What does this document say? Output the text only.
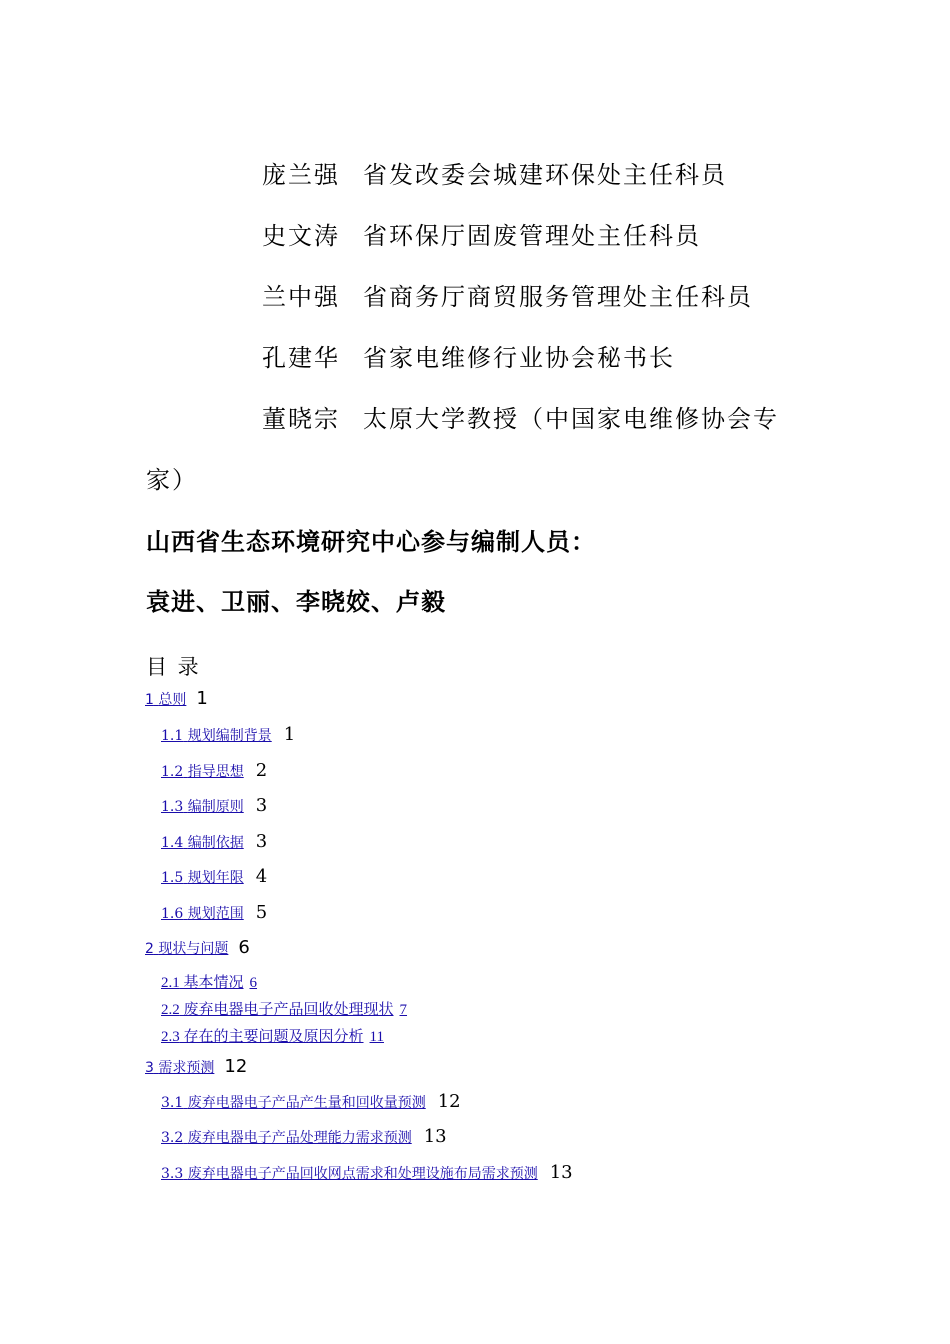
庞兰强 省发改委会城建环保处主任科员
史文涛 省环保厅固废管理处主任科员
兰中强 省商务厅商贸服务管理处主任科员
孔建华 省家电维修行业协会秘书长
董晓宗 太原大学教授（中国家电维修协会专
家）
山西省生态环境研究中心参与编制人员：
袁进、卫丽、李晓姣、卢毅
目 录
1 总则 1
1.1 规划编制背景 1
1.2 指导思想 2
1.3 编制原则 3
1.4 编制依据 3
1.5 规划年限 4
1.6 规划范围 5
2 现状与问题 6
2.1 基本情况 6
2.2 废弃电器电子产品回收处理现状 7
2.3 存在的主要问题及原因分析 11
3 需求预测 12
3.1 废弃电器电子产品产生量和回收量预测 12
3.2 废弃电器电子产品处理能力需求预测 13
3.3 废弃电器电子产品回收网点需求和处理设施布局需求预测 13
